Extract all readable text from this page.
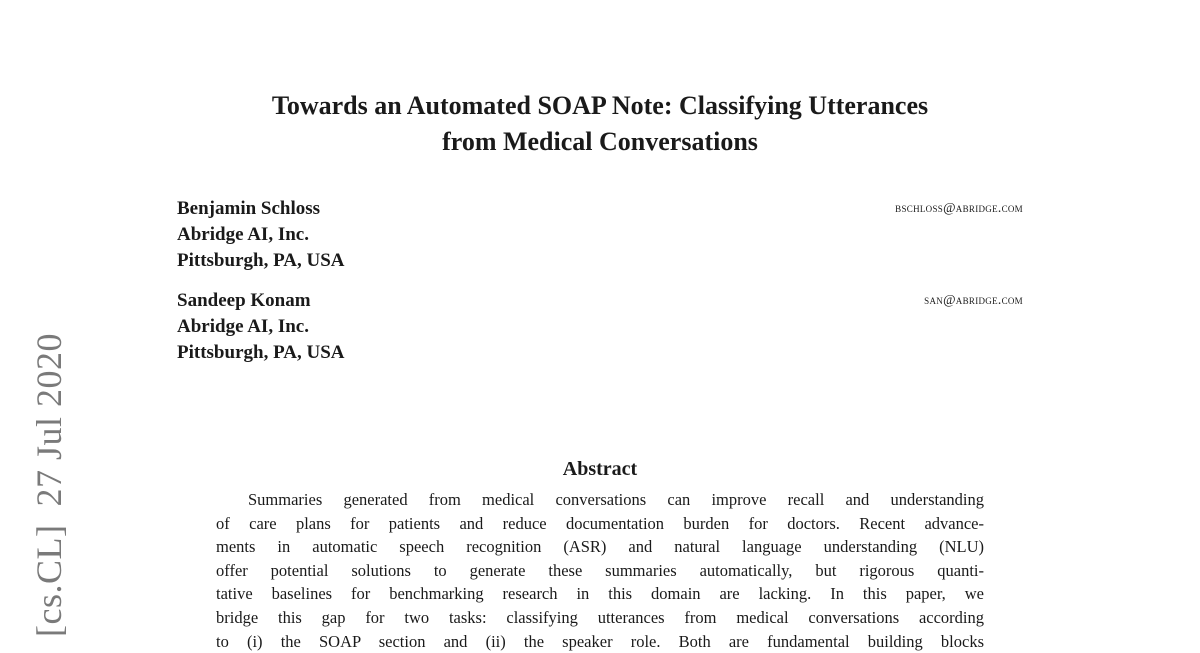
[cs.CL]27 Jul 2020
Towards an Automated SOAP Note: Classifying Utterances
from Medical Conversations
Benjamin Schloss
Abridge AI, Inc.
Pittsburgh, PA, USA
bschloss@abridge.com
Sandeep Konam
Abridge AI, Inc.
Pittsburgh, PA, USA
san@abridge.com
Abstract
Summaries generated from medical conversations can improve recall and understanding
of care plans for patients and reduce documentation burden for doctors. Recent advance-
ments in automatic speech recognition (ASR) and natural language understanding (NLU)
offer potential solutions to generate these summaries automatically, but rigorous quanti-
tative baselines for benchmarking research in this domain are lacking. In this paper, we
bridge this gap for two tasks: classifying utterances from medical conversations according
to (i) the SOAP section and (ii) the speaker role. Both are fundamental building blocks
